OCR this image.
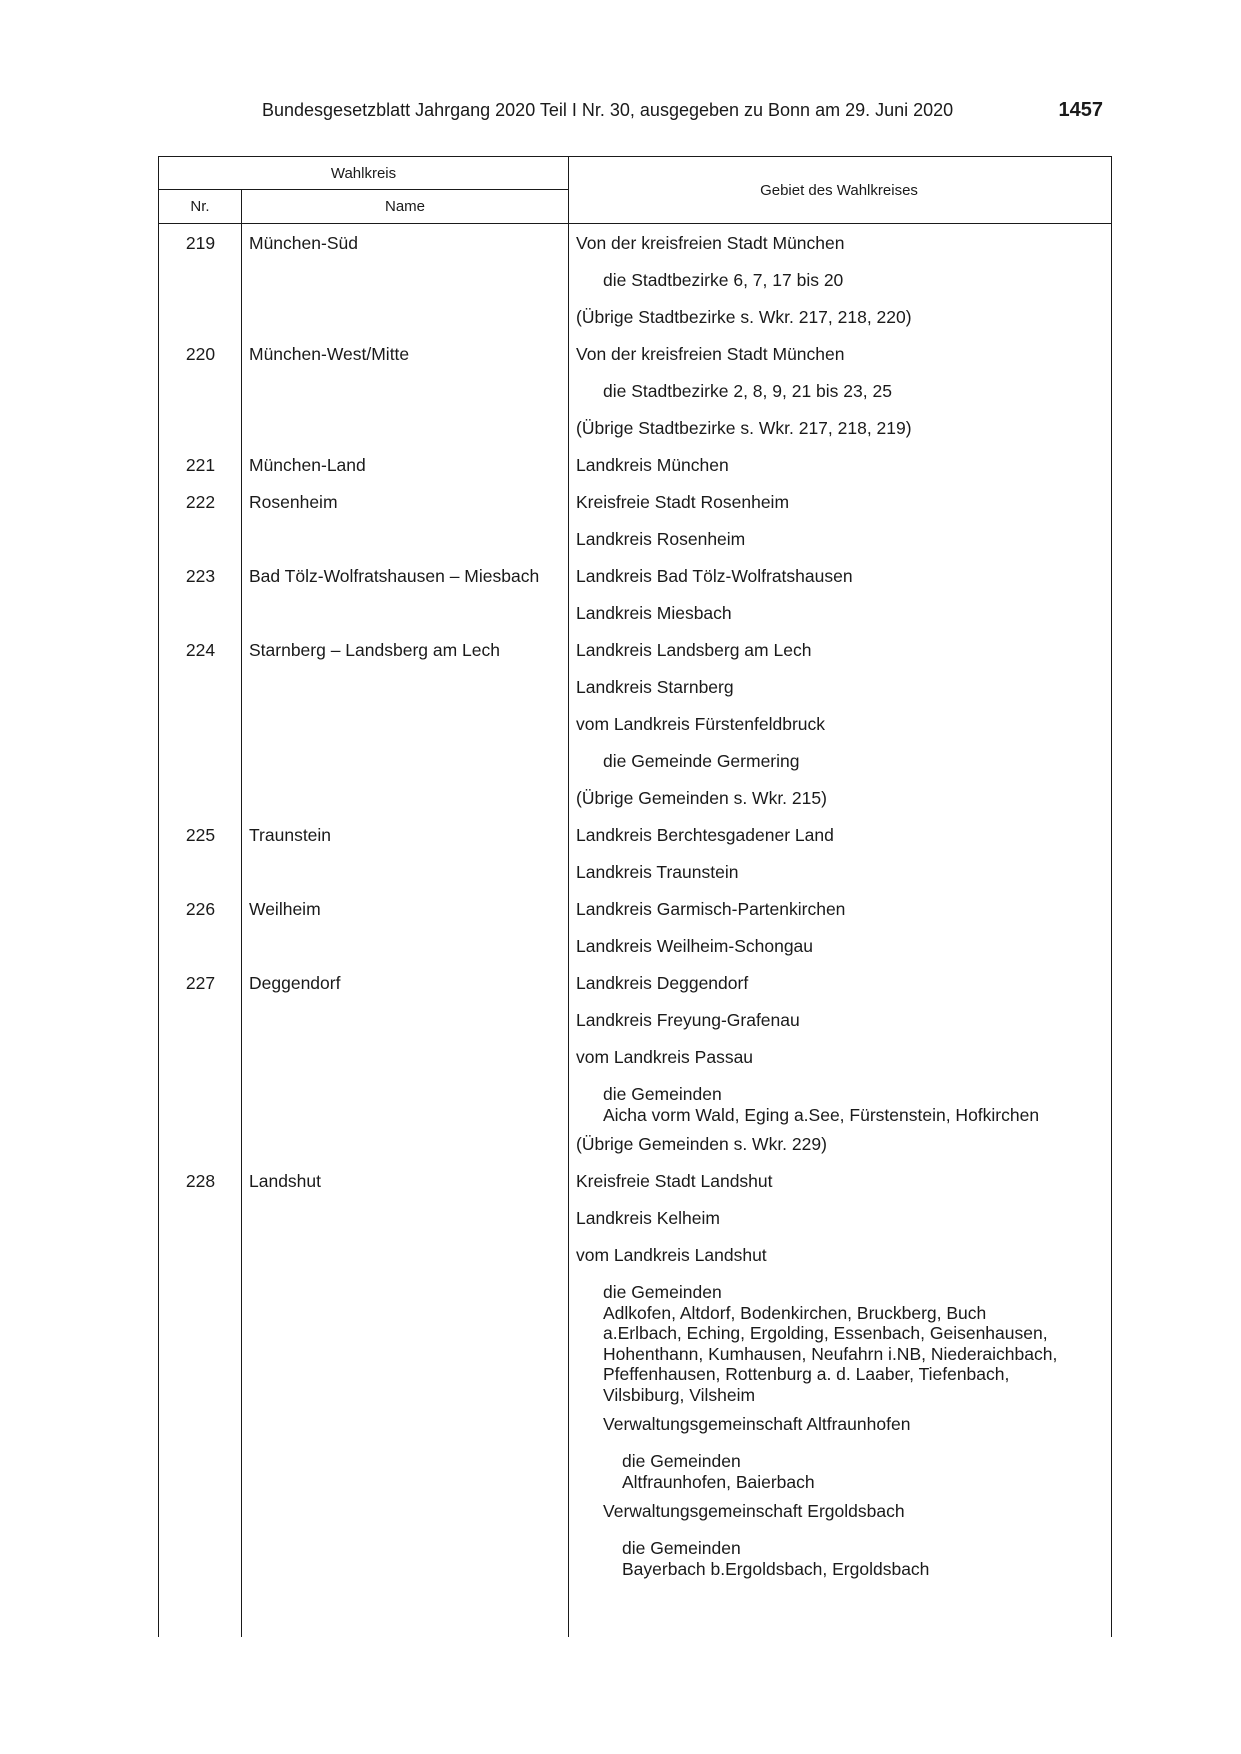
Bundesgesetzblatt Jahrgang 2020 Teil I Nr. 30, ausgegeben zu Bonn am 29. Juni 2020	1457
Wahlkreis
Nr.	Name
Gebiet des Wahlkreises
219	München-Süd	Von der kreisfreien Stadt München
die Stadtbezirke 6, 7, 17 bis 20
(Übrige Stadtbezirke s. Wkr. 217, 218, 220)
220	München-West/Mitte	Von der kreisfreien Stadt München
die Stadtbezirke 2, 8, 9, 21 bis 23, 25
(Übrige Stadtbezirke s. Wkr. 217, 218, 219)
221	München-Land	Landkreis München
222	Rosenheim	Kreisfreie Stadt Rosenheim
Landkreis Rosenheim
223	Bad Tölz-Wolfratshausen – Miesbach	Landkreis Bad Tölz-Wolfratshausen
Landkreis Miesbach
224	Starnberg – Landsberg am Lech	Landkreis Landsberg am Lech
Landkreis Starnberg
vom Landkreis Fürstenfeldbruck
die Gemeinde Germering
(Übrige Gemeinden s. Wkr. 215)
225	Traunstein	Landkreis Berchtesgadener Land
Landkreis Traunstein
226	Weilheim	Landkreis Garmisch-Partenkirchen
Landkreis Weilheim-Schongau
227	Deggendorf	Landkreis Deggendorf
Landkreis Freyung-Grafenau
vom Landkreis Passau
die Gemeinden
Aicha vorm Wald, Eging a.See, Fürstenstein, Hofkirchen
(Übrige Gemeinden s. Wkr. 229)
228	Landshut	Kreisfreie Stadt Landshut
Landkreis Kelheim
vom Landkreis Landshut
die Gemeinden
Adlkofen, Altdorf, Bodenkirchen, Bruckberg, Buch
a.Erlbach, Eching, Ergolding, Essenbach, Geisenhausen,
Hohenthann, Kumhausen, Neufahrn i.NB, Niederaichbach,
Pfeffenhausen, Rottenburg a. d. Laaber, Tiefenbach,
Vilsbiburg, Vilsheim
Verwaltungsgemeinschaft Altfraunhofen
die Gemeinden
Altfraunhofen, Baierbach
Verwaltungsgemeinschaft Ergoldsbach
die Gemeinden
Bayerbach b.Ergoldsbach, Ergoldsbach
